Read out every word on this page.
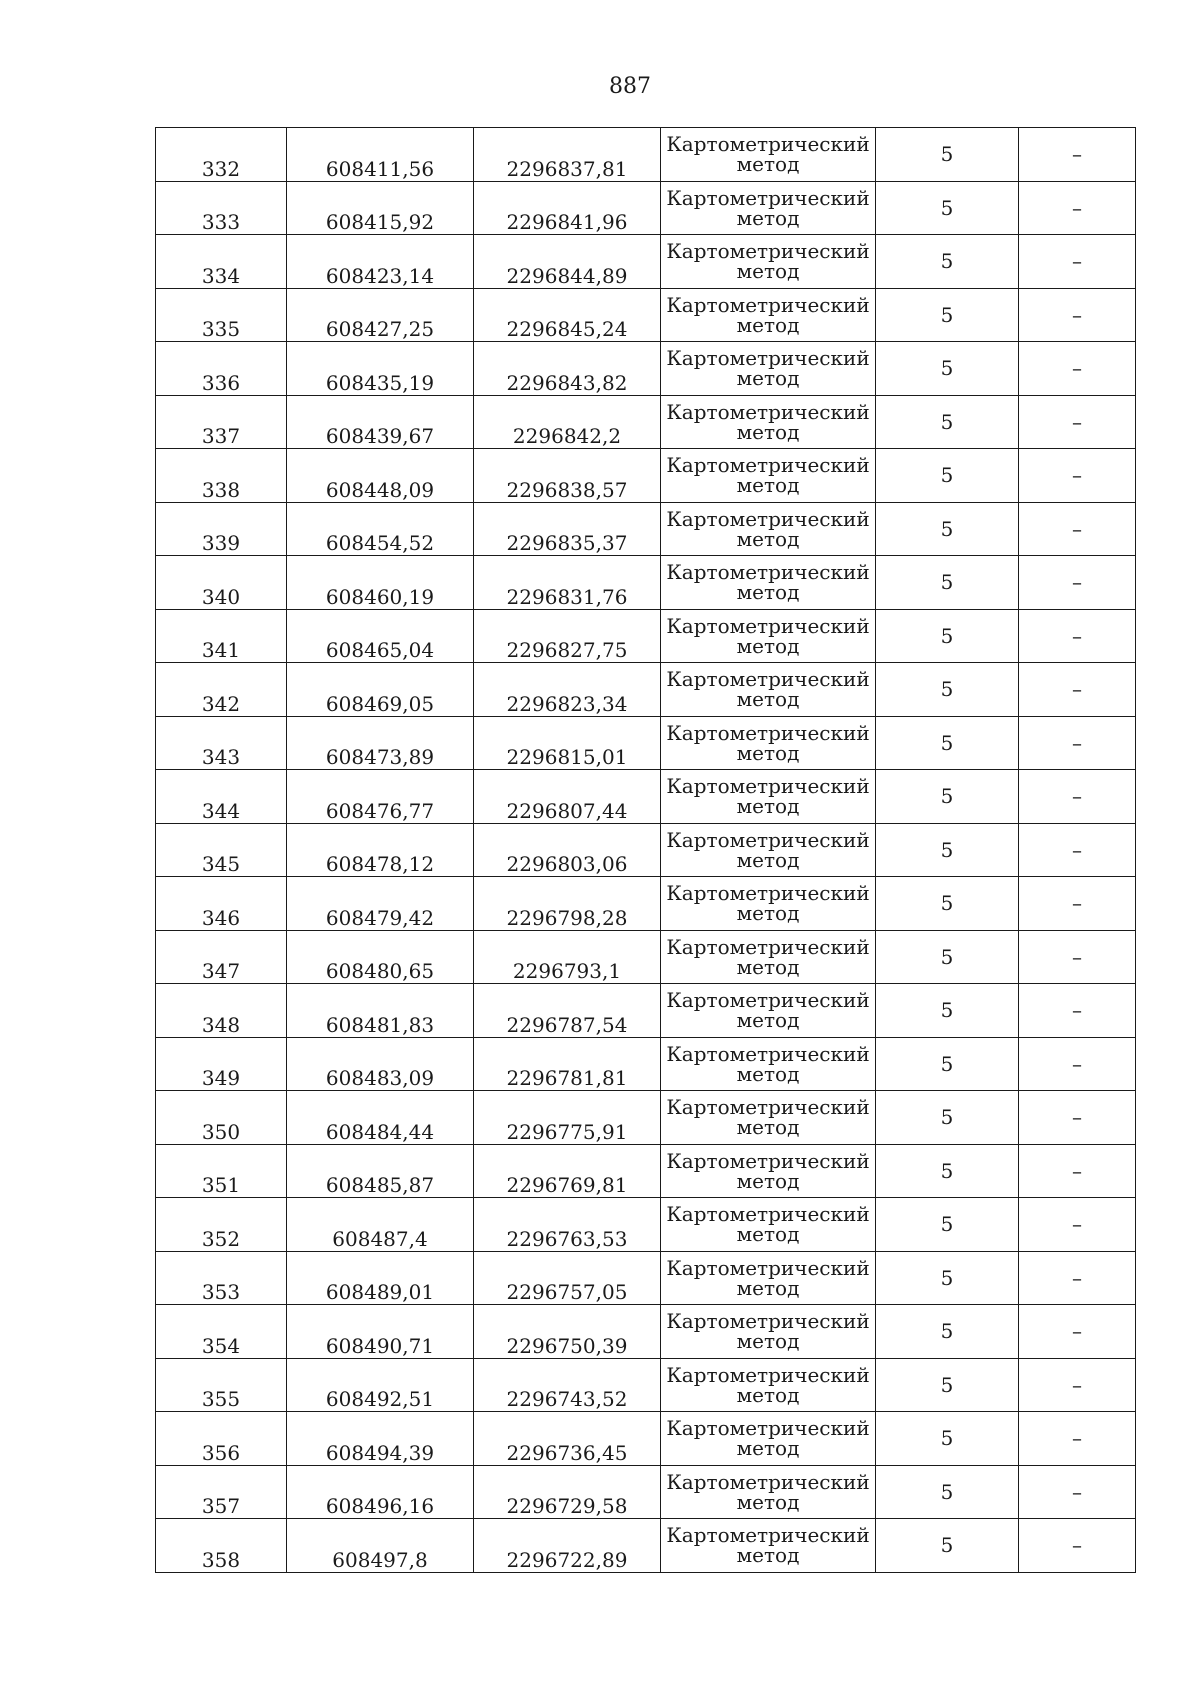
887
332	608411,56	2296837,81	Картометрический метод	5	–
333	608415,92	2296841,96	Картометрический метод	5	–
334	608423,14	2296844,89	Картометрический метод	5	–
335	608427,25	2296845,24	Картометрический метод	5	–
336	608435,19	2296843,82	Картометрический метод	5	–
337	608439,67	2296842,2	Картометрический метод	5	–
338	608448,09	2296838,57	Картометрический метод	5	–
339	608454,52	2296835,37	Картометрический метод	5	–
340	608460,19	2296831,76	Картометрический метод	5	–
341	608465,04	2296827,75	Картометрический метод	5	–
342	608469,05	2296823,34	Картометрический метод	5	–
343	608473,89	2296815,01	Картометрический метод	5	–
344	608476,77	2296807,44	Картометрический метод	5	–
345	608478,12	2296803,06	Картометрический метод	5	–
346	608479,42	2296798,28	Картометрический метод	5	–
347	608480,65	2296793,1	Картометрический метод	5	–
348	608481,83	2296787,54	Картометрический метод	5	–
349	608483,09	2296781,81	Картометрический метод	5	–
350	608484,44	2296775,91	Картометрический метод	5	–
351	608485,87	2296769,81	Картометрический метод	5	–
352	608487,4	2296763,53	Картометрический метод	5	–
353	608489,01	2296757,05	Картометрический метод	5	–
354	608490,71	2296750,39	Картометрический метод	5	–
355	608492,51	2296743,52	Картометрический метод	5	–
356	608494,39	2296736,45	Картометрический метод	5	–
357	608496,16	2296729,58	Картометрический метод	5	–
358	608497,8	2296722,89	Картометрический метод	5	–
